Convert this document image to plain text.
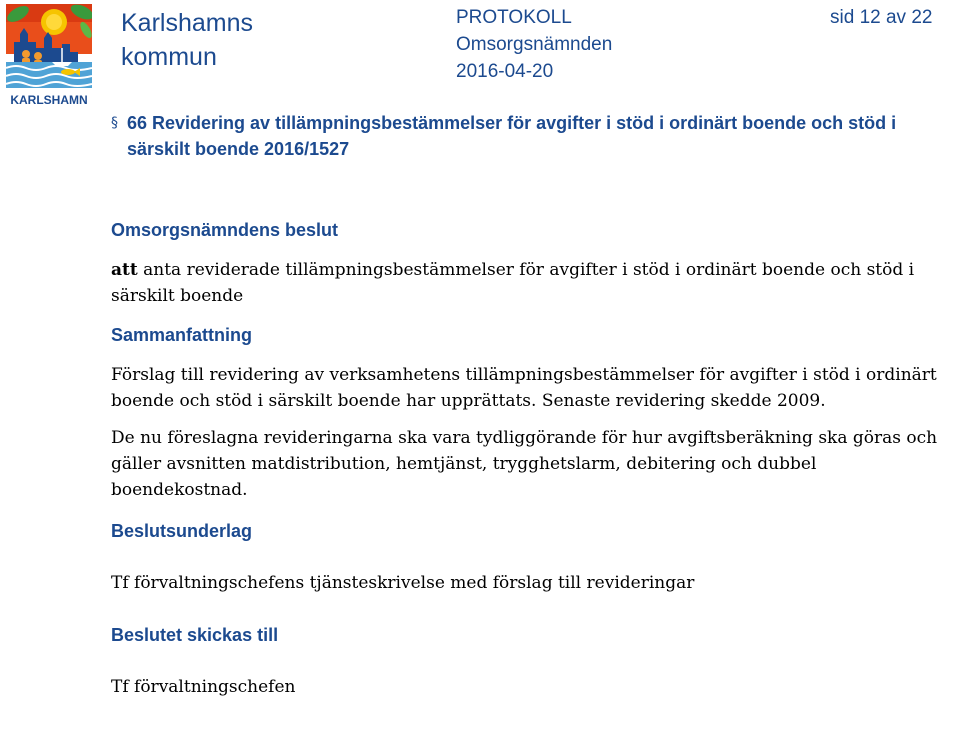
KARLSHAMN
Karlshamns
kommun
PROTOKOLL
Omsorgsnämnden
2016-04-20
sid 12 av 22
§ 66 Revidering av tillämpningsbestämmelser för avgifter i stöd i ordinärt boende och stöd i särskilt boende 2016/1527
Omsorgsnämndens beslut

att anta reviderade tillämpningsbestämmelser för avgifter i stöd i ordinärt boende och stöd i särskilt boende

Sammanfattning

Förslag till revidering av verksamhetens tillämpningsbestämmelser för avgifter i stöd i ordinärt boende och stöd i särskilt boende har upprättats. Senaste revidering skedde 2009.

De nu föreslagna revideringarna ska vara tydliggörande för hur avgiftsberäkning ska göras och gäller avsnitten matdistribution, hemtjänst, trygghetslarm, debitering och dubbel boendekostnad.

Beslutsunderlag

Tf förvaltningschefens tjänsteskrivelse med förslag till revideringar

Beslutet skickas till

Tf förvaltningschefen
